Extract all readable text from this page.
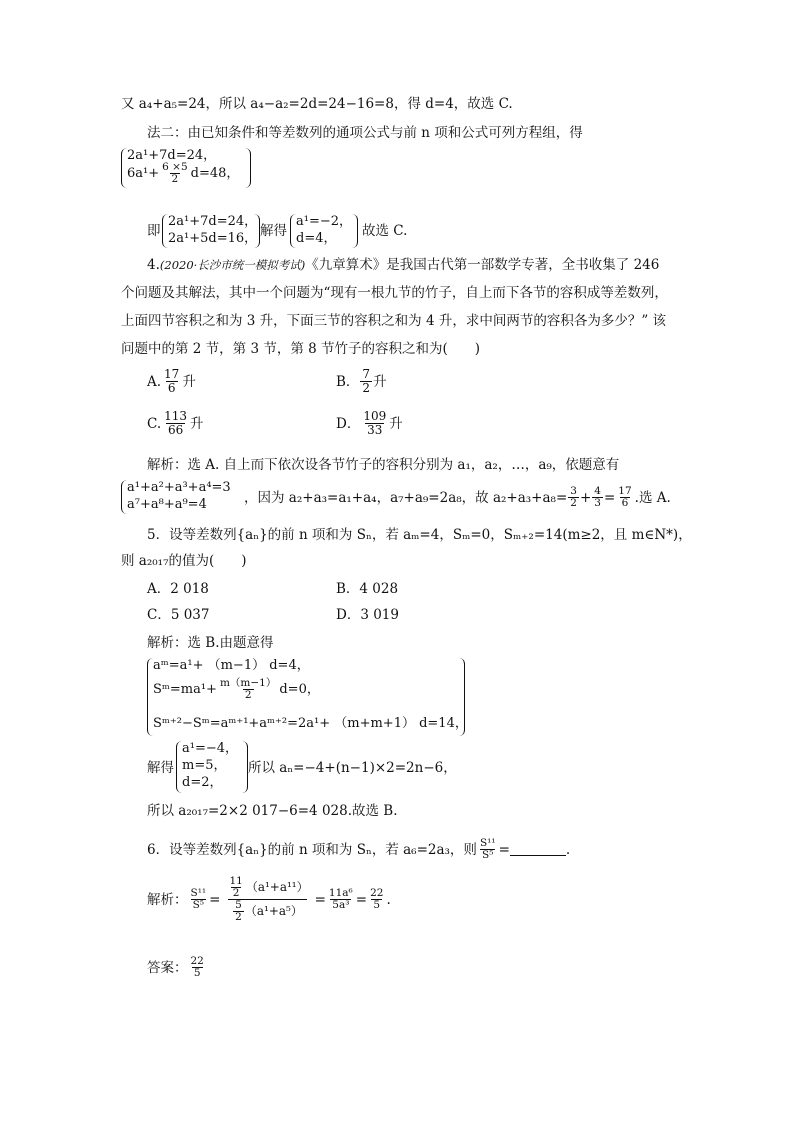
又 a₄+a₅=24，所以 a₄−a₂=2d=24−16=8，得 d=4，故选 C.
法二：由已知条件和等差数列的通项公式与前 n 项和公式可列方程组，得
2a¹+7d=24，
$6a^1+ \frac{6 \times 5}{2} d=48$，
即
2a¹+7d=24，
2a¹+5d=16， 解得
a¹=−2，
d=4， 故选 C.
4.(2020·长沙市统一模拟考试)《九章算术》是我国古代第一部数学专著，全书收集了 246
个问题及其解法，其中一个问题为“现有一根九节的竹子，自上而下各节的容积成等差数列，
上面四节容积之和为 3 升，下面三节的容积之和为 4 升，求中间两节的容积各为多少？” 该
问题中的第 2 节，第 3 节，第 8 节竹子的容积之和为(　　)
A. $\frac{17}{6}$ 升	B． $\frac{7}{2}$ 升
C. $\frac{113}{66}$ 升	D． $\frac{109}{33}$ 升
解析：选 A. 自上而下依次设各节竹子的容积分别为 a₁，a₂，…，a₉，依题意有
a¹+a²+a³+a⁴=3
a⁷+a⁸+a⁹=4	，因为 a₂+a₃=a₁+a₄，a₇+a₉=2a₈，故 $a_2+a_3+a_8= \frac{3}{2} + \frac{4}{3} = \frac{17}{6}$ .选 A.
5．设等差数列{aₙ}的前 n 项和为 Sₙ，若 aₘ=4，Sₘ=0，Sₘ₊₂=14(m≥2，且 m∈N*)，
则 a₂₀₁₇的值为(　　)
A．2 018	B．4 028
C．5 037	D．3 019
解析：选 B.由题意得
aᵐ=a¹+ （m−1） d=4，
Sᵐ=ma¹+ $\frac{m(m-1)}{2} d=0$，
Sᵐ⁺²−Sᵐ=aᵐ⁺¹+aᵐ⁺²=2a¹+ （m+m+1） d=14，
解得
a¹=−4，
m=5，
d=2，
所以 aₙ=−4+(n−1)×2=2n−6，
所以 a₂₀₁₇=2×2 017−6=4 028.故选 B.
6．设等差数列{aₙ}的前 n 项和为 Sₙ，若 a₆=2a₃，则 $\frac{\text{S¹¹}}{\text{S⁵}}$ =	.
解析： $\frac{\text{S¹¹}}{\text{S⁵}} = \frac{\frac{11}{2} (a^1+a^{11})}{\frac{5}{2} (a^1+a^5)} = \frac{\text{11a⁶}}{\text{5a³}} = \frac{22}{5}$ .
答案： $\frac{22}{5}$
